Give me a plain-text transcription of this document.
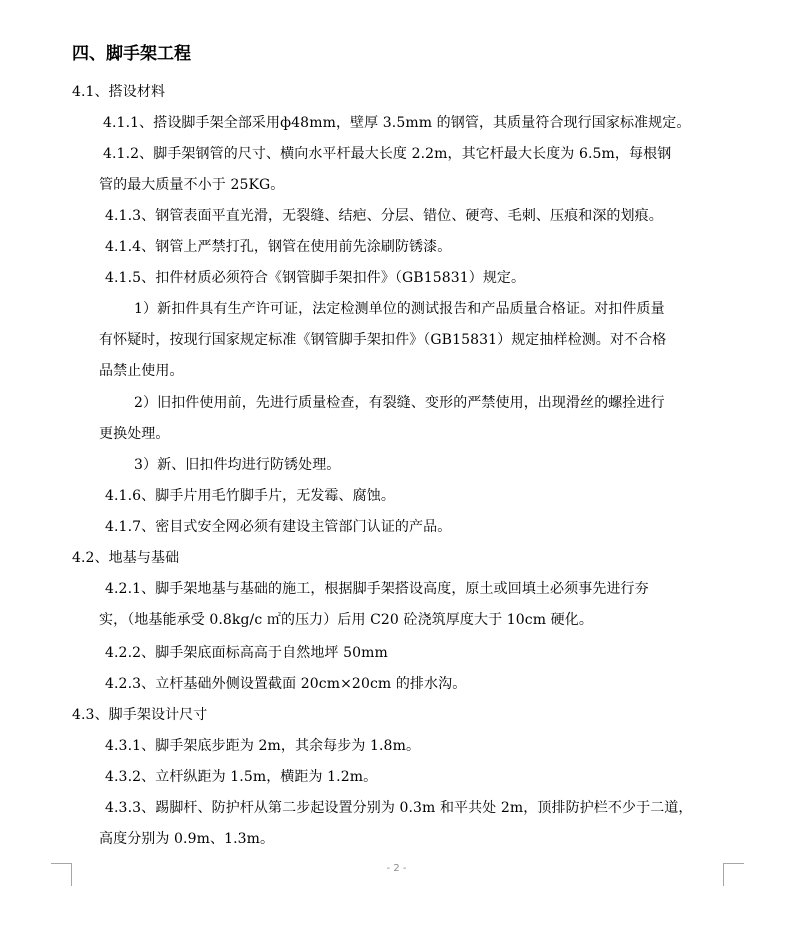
四、脚手架工程
4.1、搭设材料
4.1.1、搭设脚手架全部采用ф48mm，壁厚 3.5mm 的钢管，其质量符合现行国家标准规定。
4.1.2、脚手架钢管的尺寸、横向水平杆最大长度 2.2m，其它杆最大长度为 6.5m，每根钢
管的最大质量不小于 25KG。
4.1.3、钢管表面平直光滑，无裂缝、结疤、分层、错位、硬弯、毛刺、压痕和深的划痕。
4.1.4、钢管上严禁打孔，钢管在使用前先涂刷防锈漆。
4.1.5、扣件材质必须符合《钢管脚手架扣件》（GB15831）规定。
1）新扣件具有生产许可证，法定检测单位的测试报告和产品质量合格证。对扣件质量
有怀疑时，按现行国家规定标准《钢管脚手架扣件》（GB15831）规定抽样检测。对不合格
品禁止使用。
2）旧扣件使用前，先进行质量检查，有裂缝、变形的严禁使用，出现滑丝的螺拴进行
更换处理。
3）新、旧扣件均进行防锈处理。
4.1.6、脚手片用毛竹脚手片，无发霉、腐蚀。
4.1.7、密目式安全网必须有建设主管部门认证的产品。
4.2、地基与基础
4.2.1、脚手架地基与基础的施工，根据脚手架搭设高度，原土或回填土必须事先进行夯
实，（地基能承受 0.8kg/c ㎡的压力）后用 C20 砼浇筑厚度大于 10cm 硬化。
4.2.2、脚手架底面标高高于自然地坪 50mm
4.2.3、立杆基础外侧设置截面 20cm×20cm 的排水沟。
4.3、脚手架设计尺寸
4.3.1、脚手架底步距为 2m，其余每步为 1.8m。
4.3.2、立杆纵距为 1.5m，横距为 1.2m。
4.3.3、踢脚杆、防护杆从第二步起设置分别为 0.3m 和平共处 2m，顶排防护栏不少于二道，
高度分别为 0.9m、1.3m。
- 2 -
